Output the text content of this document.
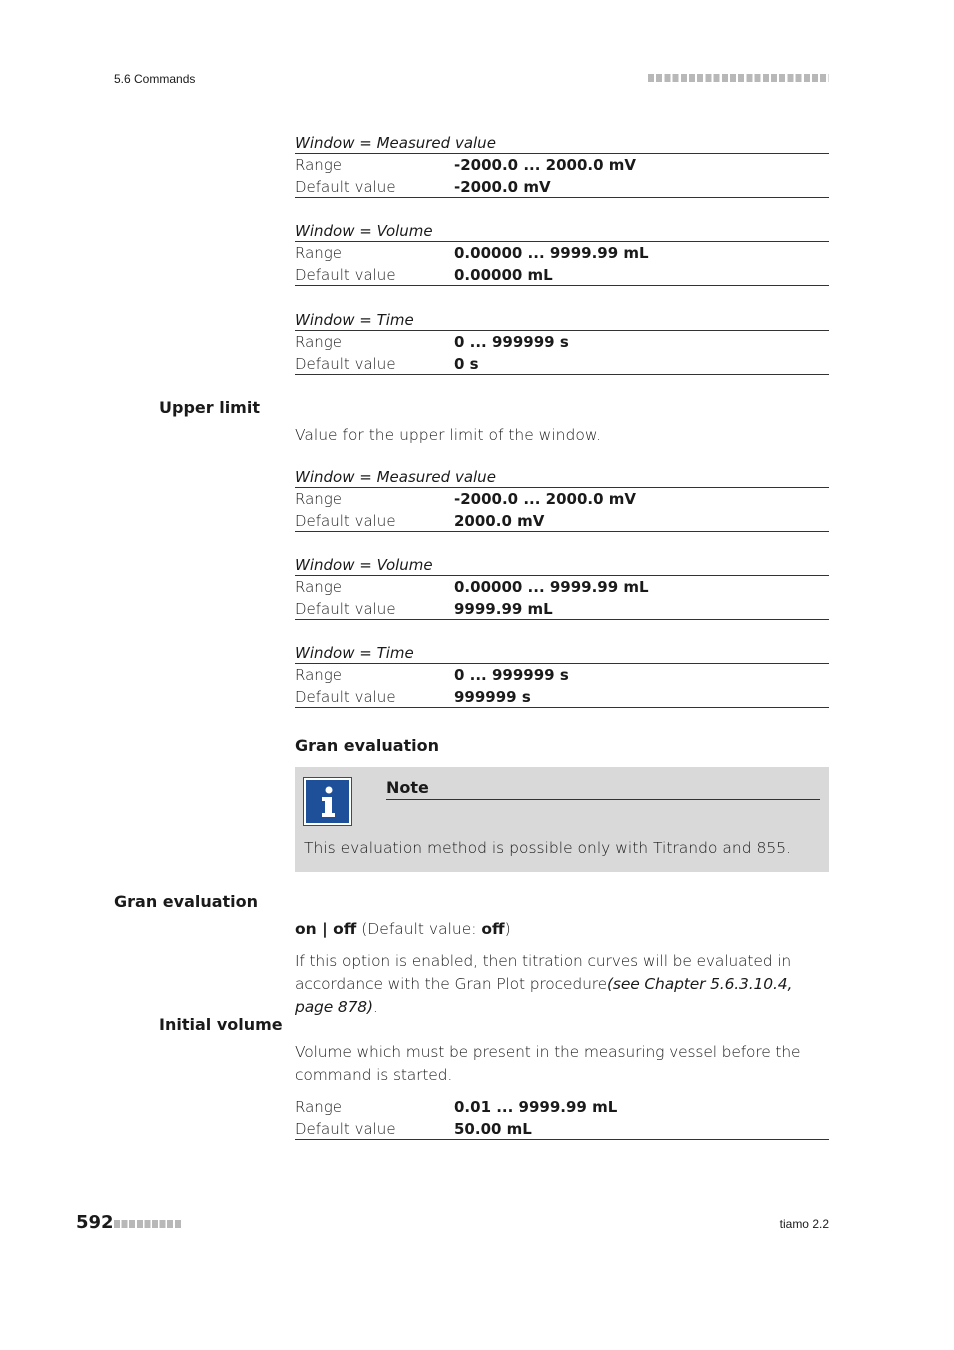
5.6 Commands
Window = Measured value
Range	-2000.0 ... 2000.0 mV
Default value	-2000.0 mV
Window = Volume
Range	0.00000 ... 9999.99 mL
Default value	0.00000 mL
Window = Time
Range	0 ... 999999 s
Default value	0 s
Upper limit
Value for the upper limit of the window.
Window = Measured value
Range	-2000.0 ... 2000.0 mV
Default value	2000.0 mV
Window = Volume
Range	0.00000 ... 9999.99 mL
Default value	9999.99 mL
Window = Time
Range	0 ... 999999 s
Default value	999999 s
Gran evaluation
Note
This evaluation method is possible only with Titrando and 855.
Gran evaluation
on | off (Default value: off)
If this option is enabled, then titration curves will be evaluated in accordance with the Gran Plot procedure(see Chapter 5.6.3.10.4, page 878).
Initial volume
Volume which must be present in the measuring vessel before the command is started.
Range	0.01 ... 9999.99 mL
Default value	50.00 mL
592	tiamo 2.2
